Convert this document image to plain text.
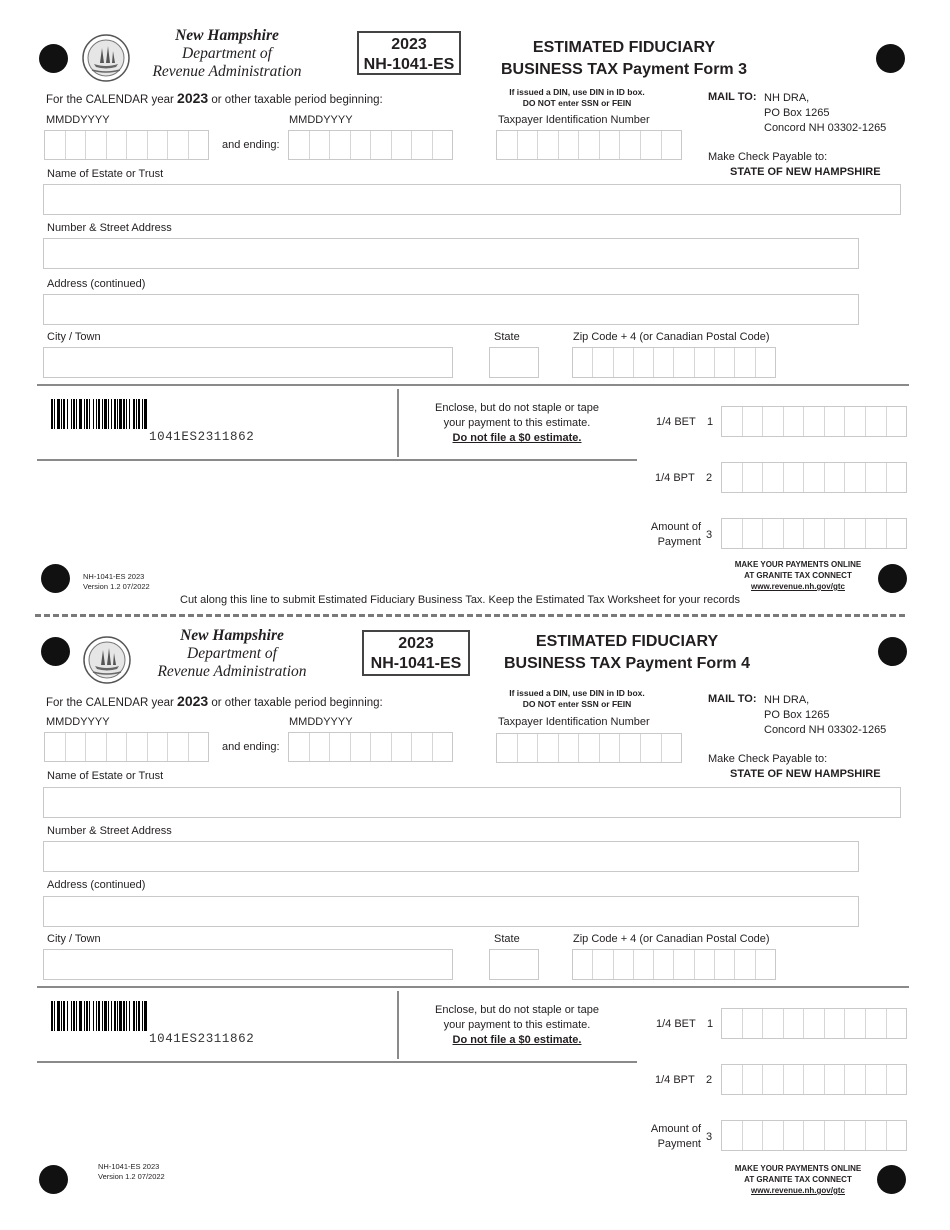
New Hampshire
Department of
Revenue Administration
2023
NH-1041-ES
ESTIMATED FIDUCIARY
BUSINESS TAX Payment Form 3
For the CALENDAR year 2023 or other taxable period beginning:
MMDDYYYY	MMDDYYYY
and ending:
If issued a DIN, use DIN in ID box.
DO NOT enter SSN or FEIN
Taxpayer Identification Number
MAIL TO: NH DRA,
PO Box 1265
Concord NH 03302-1265
Make Check Payable to:
STATE OF NEW HAMPSHIRE
Name of Estate or Trust
Number & Street Address
Address (continued)
City / Town	State	Zip Code + 4 (or Canadian Postal Code)
1041ES2311862
Enclose, but do not staple or tape
your payment to this estimate.
Do not file a $0 estimate.
1/4 BET 1
1/4 BPT 2
Amount of
Payment
3
NH-1041-ES 2023
Version 1.2 07/2022
MAKE YOUR PAYMENTS ONLINE
AT GRANITE TAX CONNECT
www.revenue.nh.gov/gtc
Cut along this line to submit Estimated Fiduciary Business Tax. Keep the Estimated Tax Worksheet for your records
New Hampshire
Department of
Revenue Administration
2023
NH-1041-ES
ESTIMATED FIDUCIARY
BUSINESS TAX Payment Form 4
For the CALENDAR year 2023 or other taxable period beginning:
MMDDYYYY	MMDDYYYY
and ending:
If issued a DIN, use DIN in ID box.
DO NOT enter SSN or FEIN
Taxpayer Identification Number
MAIL TO: NH DRA,
PO Box 1265
Concord NH 03302-1265
Make Check Payable to:
STATE OF NEW HAMPSHIRE
Name of Estate or Trust
Number & Street Address
Address (continued)
City / Town	State	Zip Code + 4 (or Canadian Postal Code)
1041ES2311862
Enclose, but do not staple or tape
your payment to this estimate.
Do not file a $0 estimate.
1/4 BET 1
1/4 BPT 2
Amount of
Payment
3
NH-1041-ES 2023
Version 1.2 07/2022
MAKE YOUR PAYMENTS ONLINE
AT GRANITE TAX CONNECT
www.revenue.nh.gov/gtc
